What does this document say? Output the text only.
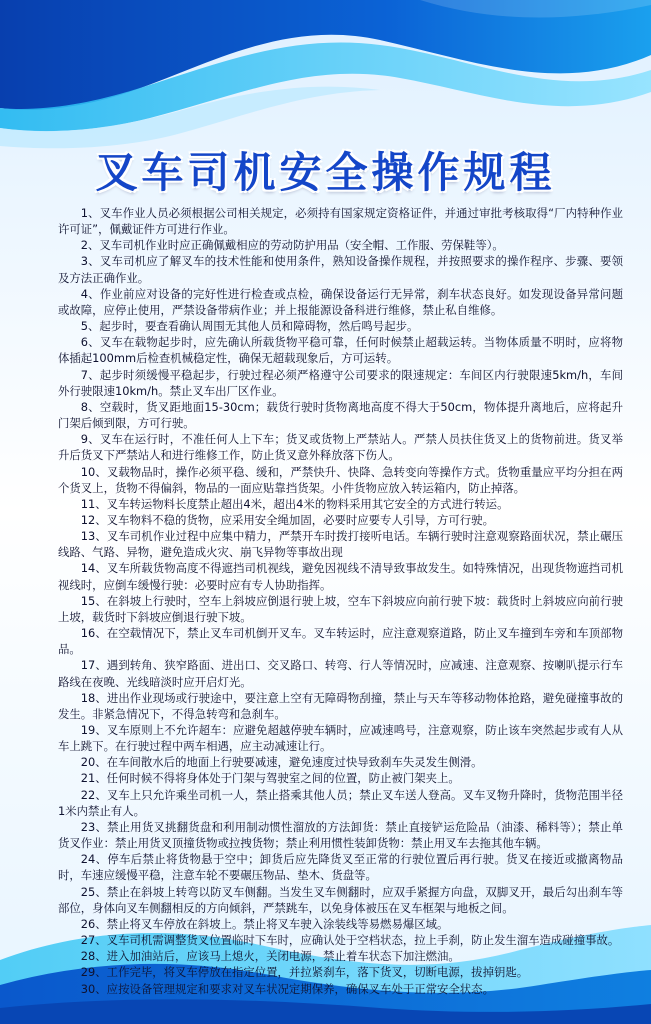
叉车司机安全操作规程

1、叉车作业人员必须根据公司相关规定，必须持有国家规定资格证件，并通过审批考核取得“厂内特种作业许可证”，佩戴证件方可进行作业。

2、叉车司机作业时应正确佩戴相应的劳动防护用品（安全帽、工作服、劳保鞋等）。

3、叉车司机应了解叉车的技术性能和使用条件，熟知设备操作规程，并按照要求的操作程序、步骤、要领及方法正确作业。

4、作业前应对设备的完好性进行检查或点检，确保设备运行无异常，刹车状态良好。如发现设备异常问题或故障，应停止使用，严禁设备带病作业；并上报能源设备科进行维修，禁止私自维修。

5、起步时，要查看确认周围无其他人员和障碍物，然后鸣号起步。

6、叉车在载物起步时，应先确认所载货物平稳可靠，任何时候禁止超载运转。当物体质量不明时，应将物体插起100mm后检查机械稳定性，确保无超载现象后，方可运转。

7、起步时须缓慢平稳起步，行驶过程必须严格遵守公司要求的限速规定：车间区内行驶限速5km/h，车间外行驶限速10km/h。禁止叉车出厂区作业。

8、空载时，货叉距地面15-30cm；载货行驶时货物离地高度不得大于50cm，物体提升离地后，应将起升门架后倾到限，方可行驶。

9、叉车在运行时，不准任何人上下车；货叉或货物上严禁站人。严禁人员扶住货叉上的货物前进。货叉举升后货叉下严禁站人和进行维修工作，防止货叉意外释放落下伤人。

10、叉载物品时，操作必须平稳、缓和，严禁快升、快降、急转变向等操作方式。货物重量应平均分担在两个货叉上，货物不得偏斜，物品的一面应贴靠挡货架。小件货物应放入转运箱内，防止掉落。

11、叉车转运物料长度禁止超出4米，超出4米的物料采用其它安全的方式进行转运。

12、叉车物料不稳的货物，应采用安全绳加固，必要时应要专人引导，方可行驶。

13、叉车司机作业过程中应集中精力，严禁开车时拨打接听电话。车辆行驶时注意观察路面状况，禁止碾压线路、气路、异物，避免造成火灾、崩飞异物等事故出现

14、叉车所载货物高度不得遮挡司机视线，避免因视线不清导致事故发生。如特殊情况，出现货物遮挡司机视线时，应倒车缓慢行驶：必要时应有专人协助指挥。

15、在斜坡上行驶时，空车上斜坡应倒退行驶上坡，空车下斜坡应向前行驶下坡：载货时上斜坡应向前行驶上坡，载货时下斜坡应倒退行驶下坡。

16、在空载情况下，禁止叉车司机倒开叉车。叉车转运时，应注意观察道路，防止叉车撞到车旁和车顶部物品。

17、遇到转角、狭窄路面、进出口、交叉路口、转弯、行人等情况时，应减速、注意观察、按喇叭提示行车路线在夜晚、光线暗淡时应开启灯光。

18、进出作业现场或行驶途中，要注意上空有无障碍物刮撞，禁止与天车等移动物体抢路，避免碰撞事故的发生。非紧急情况下，不得急转弯和急刹车。

19、叉车原则上不允许超车：应避免超越停驶车辆时，应减速鸣号，注意观察，防止该车突然起步或有人从车上跳下。在行驶过程中两车相遇，应主动减速让行。

20、在车间散水后的地面上行驶要减速，避免速度过快导致刹车失灵发生侧滑。

21、任何时候不得将身体处于门架与驾驶室之间的位置，防止被门架夹上。

22、叉车上只允许乘坐司机一人，禁止搭乘其他人员；禁止叉车送人登高。叉车叉物升降时，货物范围半径1米内禁止有人。

23、禁止用货叉挑翻货盘和利用制动惯性溜放的方法卸货：禁止直接铲运危险品（油漆、稀料等）；禁止单货叉作业：禁止用货叉顶撞货物或拉拽货物；禁止利用惯性装卸货物：禁止用叉车去拖其他车辆。

24、停车后禁止将货物悬于空中；卸货后应先降货叉至正常的行驶位置后再行驶。货叉在接近或撤离物品时，车速应缓慢平稳，注意车轮不要碾压物品、垫木、货盘等。

25、禁止在斜坡上转弯以防叉车侧翻。当发生叉车侧翻时，应双手紧握方向盘，双脚叉开，最后勾出刹车等部位，身体向叉车侧翻相反的方向倾斜，严禁跳车，以免身体被压在叉车框架与地板之间。

26、禁止将叉车停放在斜坡上。禁止将叉车驶入涂装线等易燃易爆区域。

27、叉车司机需调整货叉位置临时下车时，应确认处于空档状态，拉上手刹，防止发生溜车造成碰撞事故。

28、进入加油站后，应该马上熄火，关闭电源，禁止着车状态下加注燃油。

29、工作完毕，将叉车停放在指定位置，并拉紧刹车，落下货叉，切断电源，拔掉钥匙。

30、应按设备管理规定和要求对叉车状况定期保养，确保叉车处于正常安全状态。
